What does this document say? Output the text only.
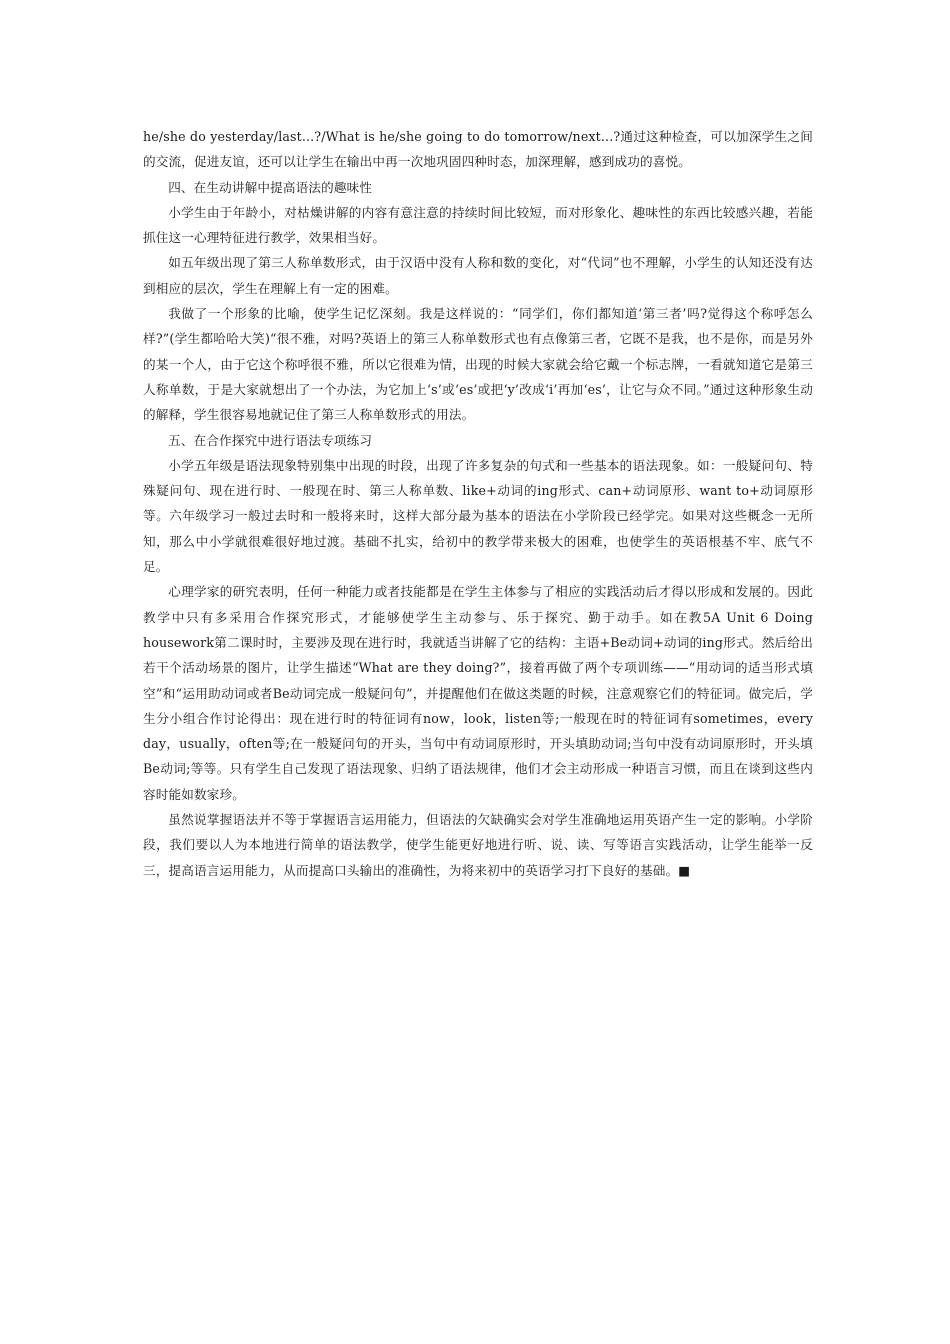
he/she do yesterday/last...?/What is he/she going to do tomorrow/next...?通过这种检查，可以加深学生之间的交流，促进友谊，还可以让学生在输出中再一次地巩固四种时态，加深理解，感到成功的喜悦。

四、在生动讲解中提高语法的趣味性

小学生由于年龄小，对枯燥讲解的内容有意注意的持续时间比较短，而对形象化、趣味性的东西比较感兴趣，若能抓住这一心理特征进行教学，效果相当好。

如五年级出现了第三人称单数形式，由于汉语中没有人称和数的变化，对“代词”也不理解，小学生的认知还没有达到相应的层次，学生在理解上有一定的困难。

我做了一个形象的比喻，使学生记忆深刻。我是这样说的：“同学们，你们都知道‘第三者’吗?觉得这个称呼怎么样?”(学生都哈哈大笑)“很不雅，对吗?英语上的第三人称单数形式也有点像第三者，它既不是我，也不是你，而是另外的某一个人，由于它这个称呼很不雅，所以它很难为情，出现的时候大家就会给它戴一个标志牌，一看就知道它是第三人称单数，于是大家就想出了一个办法，为它加上‘s’或‘es’或把‘y’改成‘i’再加‘es’，让它与众不同。”通过这种形象生动的解释，学生很容易地就记住了第三人称单数形式的用法。

五、在合作探究中进行语法专项练习

小学五年级是语法现象特别集中出现的时段，出现了许多复杂的句式和一些基本的语法现象。如：一般疑问句、特殊疑问句、现在进行时、一般现在时、第三人称单数、like+动词的ing形式、can+动词原形、want to+动词原形等。六年级学习一般过去时和一般将来时，这样大部分最为基本的语法在小学阶段已经学完。如果对这些概念一无所知，那么中小学就很难很好地过渡。基础不扎实，给初中的教学带来极大的困难，也使学生的英语根基不牢、底气不足。

心理学家的研究表明，任何一种能力或者技能都是在学生主体参与了相应的实践活动后才得以形成和发展的。因此教学中只有多采用合作探究形式，才能够使学生主动参与、乐于探究、勤于动手。如在教5A Unit 6 Doing housework第二课时时，主要涉及现在进行时，我就适当讲解了它的结构：主语+Be动词+动词的ing形式。然后给出若干个活动场景的图片，让学生描述“What are they doing?”，接着再做了两个专项训练——“用动词的适当形式填空”和“运用助动词或者Be动词完成一般疑问句”，并提醒他们在做这类题的时候，注意观察它们的特征词。做完后，学生分小组合作讨论得出：现在进行时的特征词有now，look，listen等;一般现在时的特征词有sometimes，every day，usually，often等;在一般疑问句的开头，当句中有动词原形时，开头填助动词;当句中没有动词原形时，开头填Be动词;等等。只有学生自己发现了语法现象、归纳了语法规律，他们才会主动形成一种语言习惯，而且在谈到这些内容时能如数家珍。

虽然说掌握语法并不等于掌握语言运用能力，但语法的欠缺确实会对学生准确地运用英语产生一定的影响。小学阶段，我们要以人为本地进行简单的语法教学，使学生能更好地进行听、说、读、写等语言实践活动，让学生能举一反三，提高语言运用能力，从而提高口头输出的准确性，为将来初中的英语学习打下良好的基础。■
